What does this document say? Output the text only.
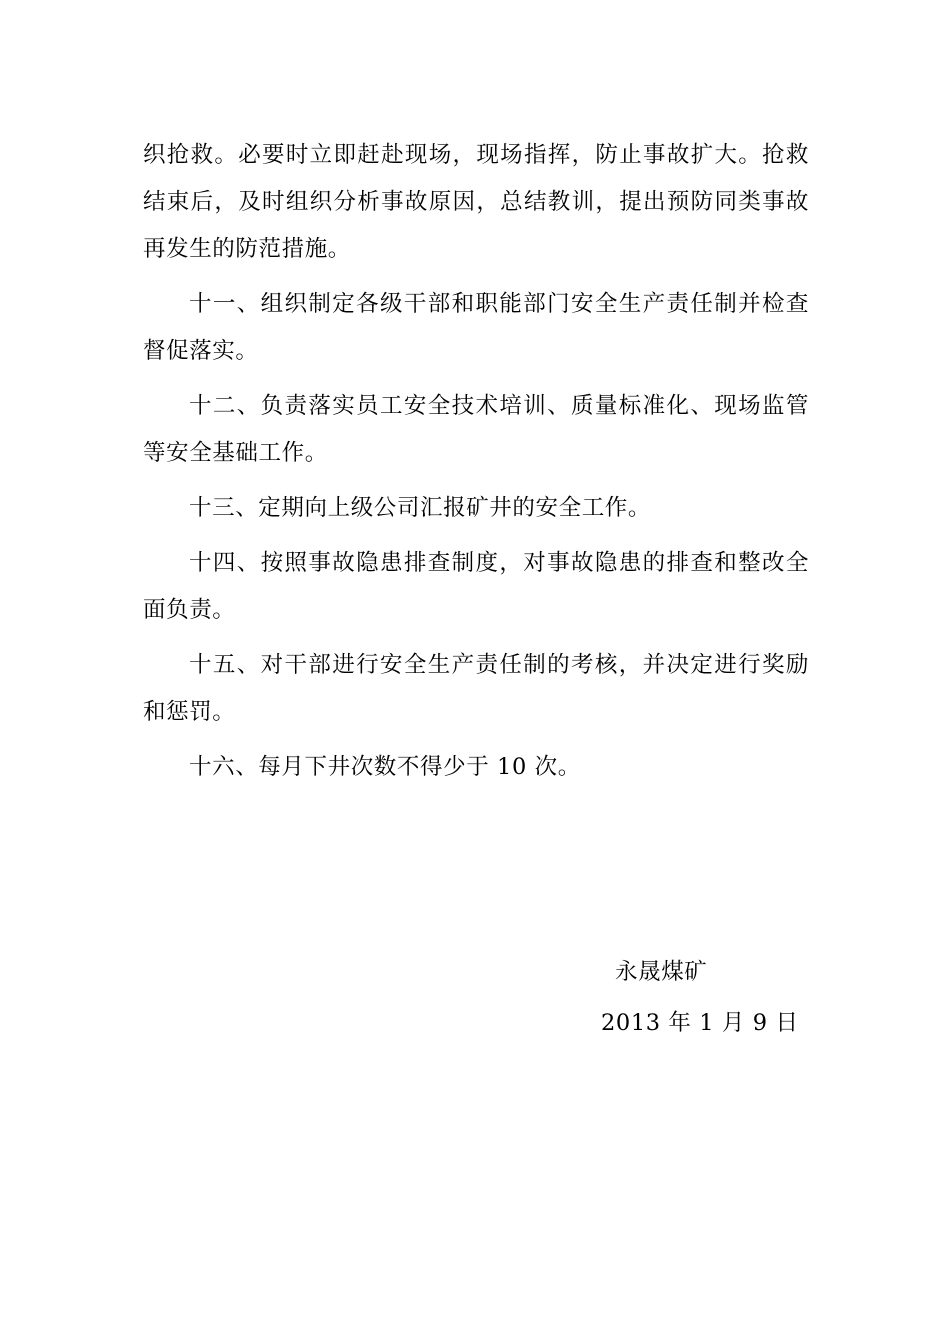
织抢救。必要时立即赶赴现场，现场指挥，防止事故扩大。抢救结束后，及时组织分析事故原因，总结教训，提出预防同类事故再发生的防范措施。

十一、组织制定各级干部和职能部门安全生产责任制并检查督促落实。

十二、负责落实员工安全技术培训、质量标准化、现场监管等安全基础工作。

十三、定期向上级公司汇报矿井的安全工作。

十四、按照事故隐患排查制度，对事故隐患的排查和整改全面负责。

十五、对干部进行安全生产责任制的考核，并决定进行奖励和惩罚。

十六、每月下井次数不得少于 10 次。

永晟煤矿
2013 年 1 月 9 日
